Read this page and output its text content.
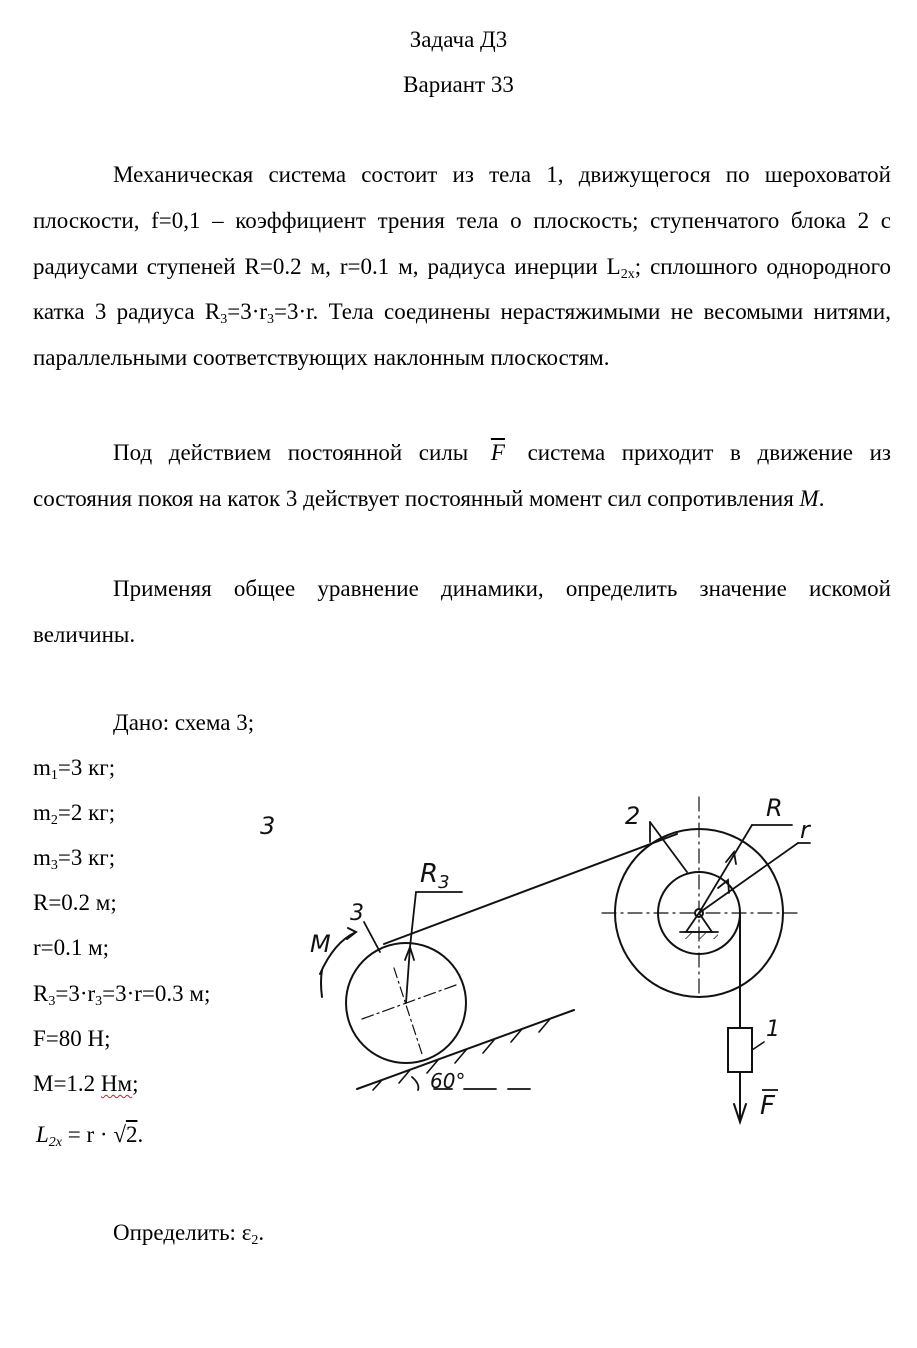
Задача Д3
Вариант 33
Механическая система состоит из тела 1, движущегося по шероховатой плоскости, f=0,1 – коэффициент трения тела о плоскость; ступенчатого блока 2 с радиусами ступеней R=0.2 м, r=0.1 м, радиуса инерции $L_{2x}$; сплошного однородного катка 3 радиуса $R_3=3\cdot r_3=3\cdot r$. Тела соединены нерастяжимыми не весомыми нитями, параллельными соответствующих наклонным плоскостям.
Под действием постоянной силы $\overline{F}$ система приходит в движение из состояния покоя на каток 3 действует постоянный момент сил сопротивления M.
Применяя общее уравнение динамики, определить значение искомой величины.
Дано: схема 3;
$m_1=3$ кг;
$m_2=2$ кг;
$m_3=3$ кг;
R=0.2 м;
r=0.1 м;
$R_3=3\cdot r_3=3\cdot r=0.3$ м;
F=80 Н;
M=1.2 Нм;
$L_{2x} = r \cdot √2$.
Определить: $\varepsilon_2$.
3
3
$R_3$
M
60°
2	R
r
1
F
